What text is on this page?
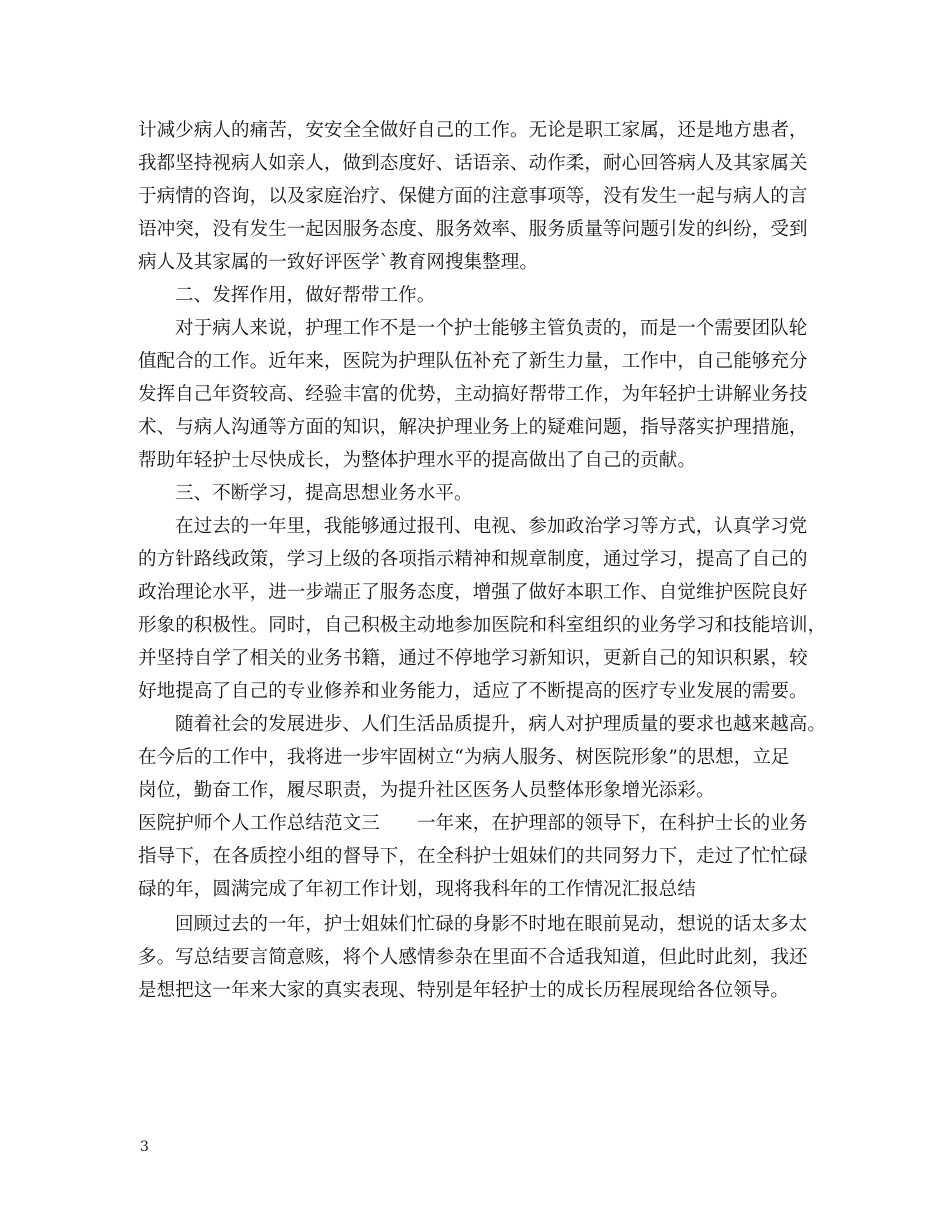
计减少病人的痛苦，安安全全做好自己的工作。无论是职工家属，还是地方患者，
我都坚持视病人如亲人，做到态度好、话语亲、动作柔，耐心回答病人及其家属关
于病情的咨询，以及家庭治疗、保健方面的注意事项等，没有发生一起与病人的言
语冲突，没有发生一起因服务态度、服务效率、服务质量等问题引发的纠纷，受到
病人及其家属的一致好评医学`教育网搜集整理。
二、发挥作用，做好帮带工作。
对于病人来说，护理工作不是一个护士能够主管负责的，而是一个需要团队轮
值配合的工作。近年来，医院为护理队伍补充了新生力量，工作中，自己能够充分
发挥自己年资较高、经验丰富的优势，主动搞好帮带工作，为年轻护士讲解业务技
术、与病人沟通等方面的知识，解决护理业务上的疑难问题，指导落实护理措施，
帮助年轻护士尽快成长，为整体护理水平的提高做出了自己的贡献。
三、不断学习，提高思想业务水平。
在过去的一年里，我能够通过报刊、电视、参加政治学习等方式，认真学习党
的方针路线政策，学习上级的各项指示精神和规章制度，通过学习，提高了自己的
政治理论水平，进一步端正了服务态度，增强了做好本职工作、自觉维护医院良好
形象的积极性。同时，自己积极主动地参加医院和科室组织的业务学习和技能培训，
并坚持自学了相关的业务书籍，通过不停地学习新知识，更新自己的知识积累，较
好地提高了自己的专业修养和业务能力，适应了不断提高的医疗专业发展的需要。
随着社会的发展进步、人们生活品质提升，病人对护理质量的要求也越来越高。
在今后的工作中，我将进一步牢固树立“为病人服务、树医院形象”的思想，立足
岗位，勤奋工作，履尽职责，为提升社区医务人员整体形象增光添彩。
医院护师个人工作总结范文三　　一年来，在护理部的领导下，在科护士长的业务
指导下，在各质控小组的督导下，在全科护士姐妹们的共同努力下，走过了忙忙碌
碌的年，圆满完成了年初工作计划，现将我科年的工作情况汇报总结
回顾过去的一年，护士姐妹们忙碌的身影不时地在眼前晃动，想说的话太多太
多。写总结要言简意赅，将个人感情参杂在里面不合适我知道，但此时此刻，我还
是想把这一年来大家的真实表现、特别是年轻护士的成长历程展现给各位领导。
3
